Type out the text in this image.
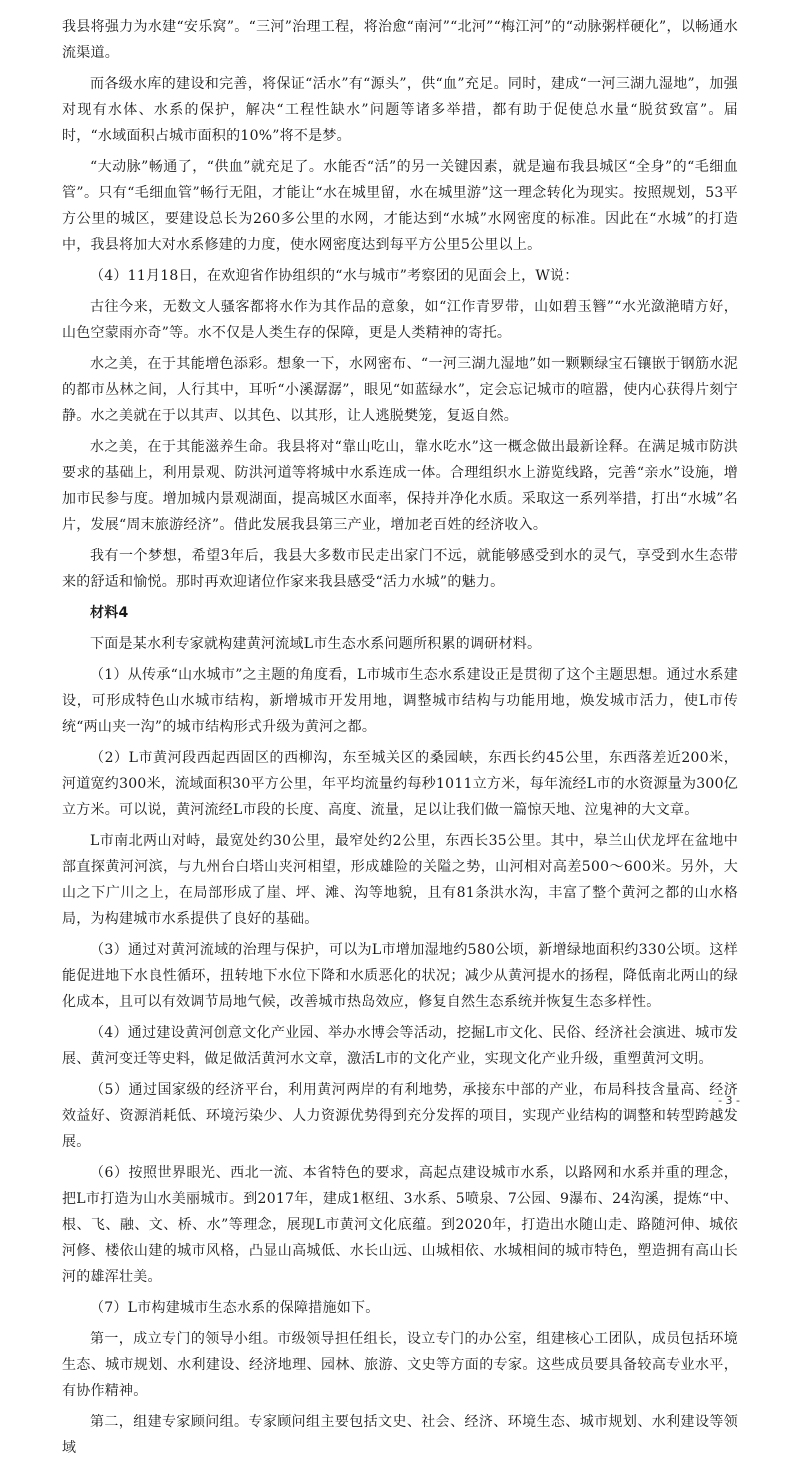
我县将强力为水建“安乐窝”。“三河”治理工程，将治愈“南河”“北河”“梅江河”的“动脉粥样硬化”，以畅通水流渠道。

而各级水库的建设和完善，将保证“活水”有“源头”，供“血”充足。同时，建成“一河三湖九湿地”，加强对现有水体、水系的保护，解决“工程性缺水”问题等诸多举措，都有助于促使总水量“脱贫致富”。届时，“水域面积占城市面积的10%”将不是梦。

“大动脉”畅通了，“供血”就充足了。水能否“活”的另一关键因素，就是遍布我县城区“全身”的“毛细血管”。只有“毛细血管”畅行无阻，才能让“水在城里留，水在城里游”这一理念转化为现实。按照规划，53平方公里的城区，要建设总长为260多公里的水网，才能达到“水城”水网密度的标准。因此在“水城”的打造中，我县将加大对水系修建的力度，使水网密度达到每平方公里5公里以上。

（4）11月18日，在欢迎省作协组织的“水与城市”考察团的见面会上，W说：

古往今来，无数文人骚客都将水作为其作品的意象，如“江作青罗带，山如碧玉簪”“水光潋滟晴方好，山色空蒙雨亦奇”等。水不仅是人类生存的保障，更是人类精神的寄托。

水之美，在于其能增色添彩。想象一下，水网密布、“一河三湖九湿地”如一颗颗绿宝石镶嵌于钢筋水泥的都市丛林之间，人行其中，耳听“小溪潺潺”，眼见“如蓝绿水”，定会忘记城市的喧嚣，使内心获得片刻宁静。水之美就在于以其声、以其色、以其形，让人逃脱樊笼，复返自然。

水之美，在于其能滋养生命。我县将对“靠山吃山，靠水吃水”这一概念做出最新诠释。在满足城市防洪要求的基础上，利用景观、防洪河道等将城中水系连成一体。合理组织水上游览线路，完善“亲水”设施，增加市民参与度。增加城内景观湖面，提高城区水面率，保持并净化水质。采取这一系列举措，打出“水城”名片，发展“周末旅游经济”。借此发展我县第三产业，增加老百姓的经济收入。

我有一个梦想，希望3年后，我县大多数市民走出家门不远，就能够感受到水的灵气，享受到水生态带来的舒适和愉悦。那时再欢迎诸位作家来我县感受“活力水城”的魅力。

材料4

下面是某水利专家就构建黄河流域L市生态水系问题所积累的调研材料。

（1）从传承“山水城市”之主题的角度看，L市城市生态水系建设正是贯彻了这个主题思想。通过水系建设，可形成特色山水城市结构，新增城市开发用地，调整城市结构与功能用地，焕发城市活力，使L市传统“两山夹一沟”的城市结构形式升级为黄河之都。

（2）L市黄河段西起西固区的西柳沟，东至城关区的桑园峡，东西长约45公里，东西落差近200米，河道宽约300米，流域面积30平方公里，年平均流量约每秒1011立方米，每年流经L市的水资源量为300亿立方米。可以说，黄河流经L市段的长度、高度、流量，足以让我们做一篇惊天地、泣鬼神的大文章。

L市南北两山对峙，最宽处约30公里，最窄处约2公里，东西长35公里。其中，皋兰山伏龙坪在盆地中部直探黄河河滨，与九州台白塔山夹河相望，形成雄险的关隘之势，山河相对高差500～600米。另外，大山之下广川之上，在局部形成了崖、坪、滩、沟等地貌，且有81条洪水沟，丰富了整个黄河之都的山水格局，为构建城市水系提供了良好的基础。

（3）通过对黄河流域的治理与保护，可以为L市增加湿地约580公顷，新增绿地面积约330公顷。这样能促进地下水良性循环，扭转地下水位下降和水质恶化的状况；减少从黄河提水的扬程，降低南北两山的绿化成本，且可以有效调节局地气候，改善城市热岛效应，修复自然生态系统并恢复生态多样性。

（4）通过建设黄河创意文化产业园、举办水博会等活动，挖掘L市文化、民俗、经济社会演进、城市发展、黄河变迁等史料，做足做活黄河水文章，激活L市的文化产业，实现文化产业升级，重塑黄河文明。

（5）通过国家级的经济平台，利用黄河两岸的有利地势，承接东中部的产业，布局科技含量高、经济效益好、资源消耗低、环境污染少、人力资源优势得到充分发挥的项目，实现产业结构的调整和转型跨越发展。

（6）按照世界眼光、西北一流、本省特色的要求，高起点建设城市水系，以路网和水系并重的理念，把L市打造为山水美丽城市。到2017年，建成1枢纽、3水系、5喷泉、7公园、9瀑布、24沟溪，提炼“中、根、飞、融、文、桥、水”等理念，展现L市黄河文化底蕴。到2020年，打造出水随山走、路随河伸、城依河修、楼依山建的城市风格，凸显山高城低、水长山远、山城相依、水城相间的城市特色，塑造拥有高山长河的雄浑壮美。

（7）L市构建城市生态水系的保障措施如下。

第一，成立专门的领导小组。市级领导担任组长，设立专门的办公室，组建核心工团队，成员包括环境生态、城市规划、水利建设、经济地理、园林、旅游、文史等方面的专家。这些成员要具备较高专业水平，有协作精神。

第二，组建专家顾问组。专家顾问组主要包括文史、社会、经济、环境生态、城市规划、水利建设等领域

- 3 -
